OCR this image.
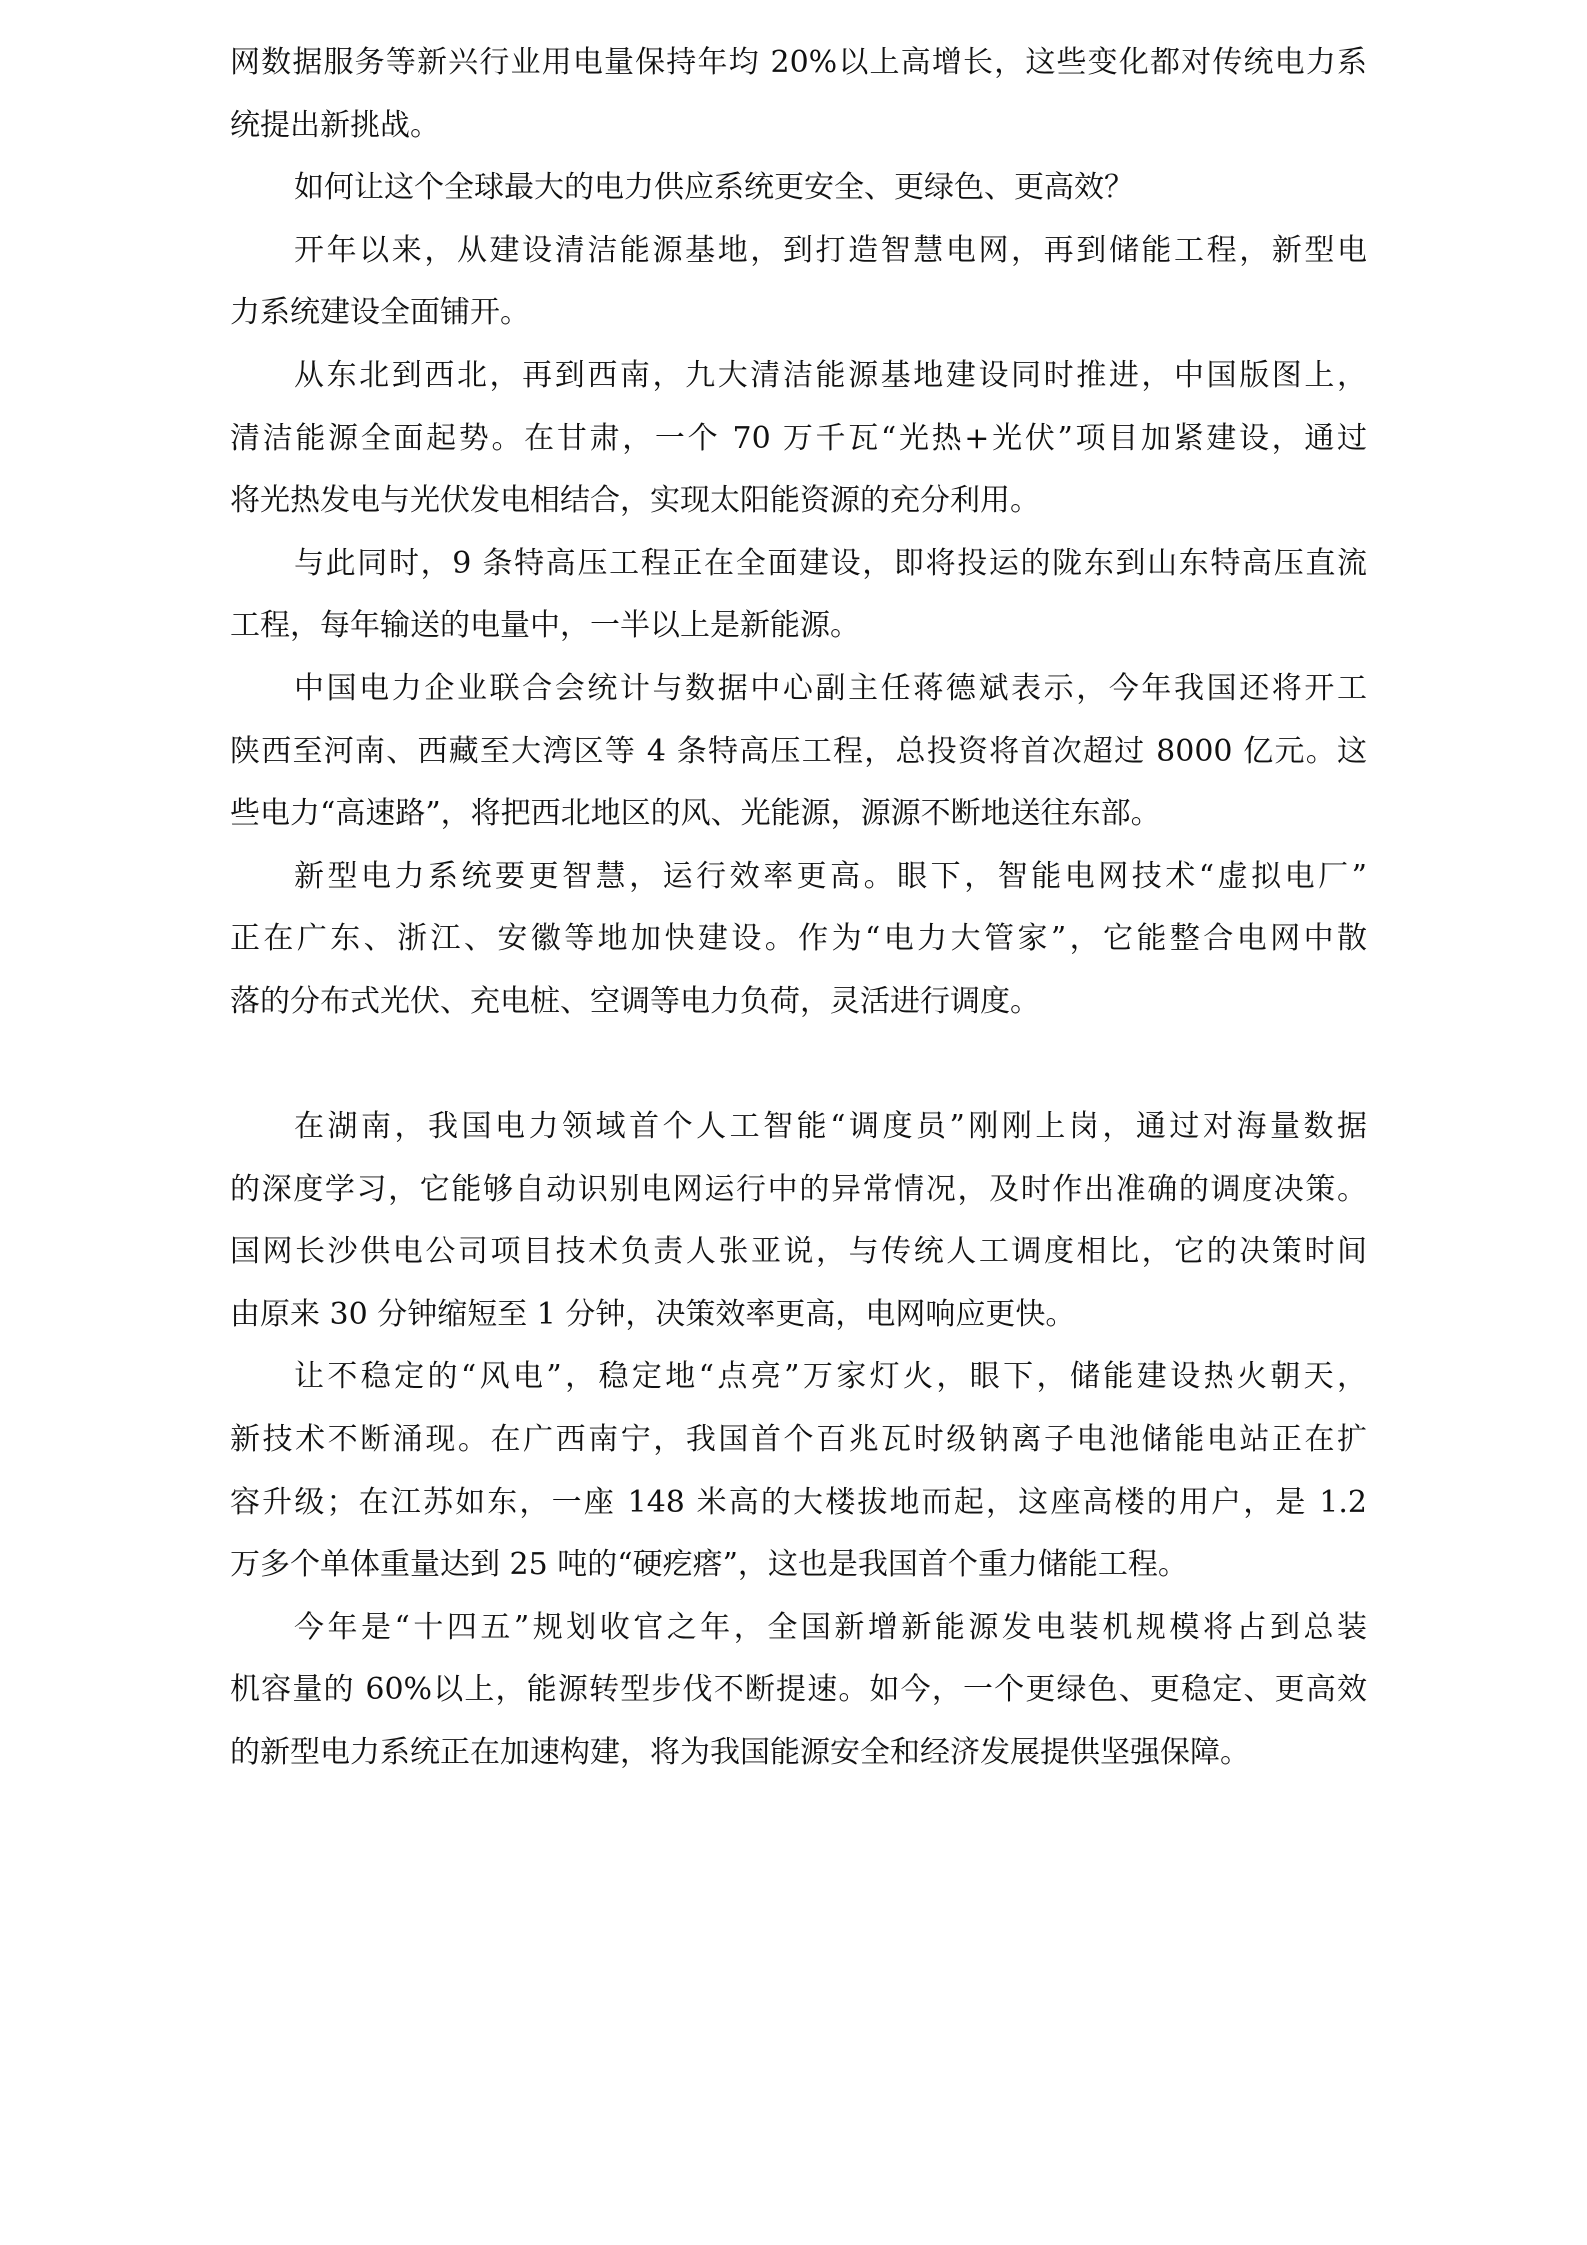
网数据服务等新兴行业用电量保持年均 20%以上高增长，这些变化都对传统电力系
统提出新挑战。
如何让这个全球最大的电力供应系统更安全、更绿色、更高效？
开年以来，从建设清洁能源基地，到打造智慧电网，再到储能工程，新型电
力系统建设全面铺开。
从东北到西北，再到西南，九大清洁能源基地建设同时推进，中国版图上，
清洁能源全面起势。在甘肃，一个 70 万千瓦“光热+光伏”项目加紧建设，通过
将光热发电与光伏发电相结合，实现太阳能资源的充分利用。
与此同时，9 条特高压工程正在全面建设，即将投运的陇东到山东特高压直流
工程，每年输送的电量中，一半以上是新能源。
中国电力企业联合会统计与数据中心副主任蒋德斌表示，今年我国还将开工
陕西至河南、西藏至大湾区等 4 条特高压工程，总投资将首次超过 8000 亿元。这
些电力“高速路”，将把西北地区的风、光能源，源源不断地送往东部。
新型电力系统要更智慧，运行效率更高。眼下，智能电网技术“虚拟电厂”
正在广东、浙江、安徽等地加快建设。作为“电力大管家”，它能整合电网中散
落的分布式光伏、充电桩、空调等电力负荷，灵活进行调度。
在湖南，我国电力领域首个人工智能“调度员”刚刚上岗，通过对海量数据
的深度学习，它能够自动识别电网运行中的异常情况，及时作出准确的调度决策。
国网长沙供电公司项目技术负责人张亚说，与传统人工调度相比，它的决策时间
由原来 30 分钟缩短至 1 分钟，决策效率更高，电网响应更快。
让不稳定的“风电”，稳定地“点亮”万家灯火，眼下，储能建设热火朝天，
新技术不断涌现。在广西南宁，我国首个百兆瓦时级钠离子电池储能电站正在扩
容升级；在江苏如东，一座 148 米高的大楼拔地而起，这座高楼的用户，是 1.2
万多个单体重量达到 25 吨的“硬疙瘩”，这也是我国首个重力储能工程。
今年是“十四五”规划收官之年，全国新增新能源发电装机规模将占到总装
机容量的 60%以上，能源转型步伐不断提速。如今，一个更绿色、更稳定、更高效
的新型电力系统正在加速构建，将为我国能源安全和经济发展提供坚强保障。
